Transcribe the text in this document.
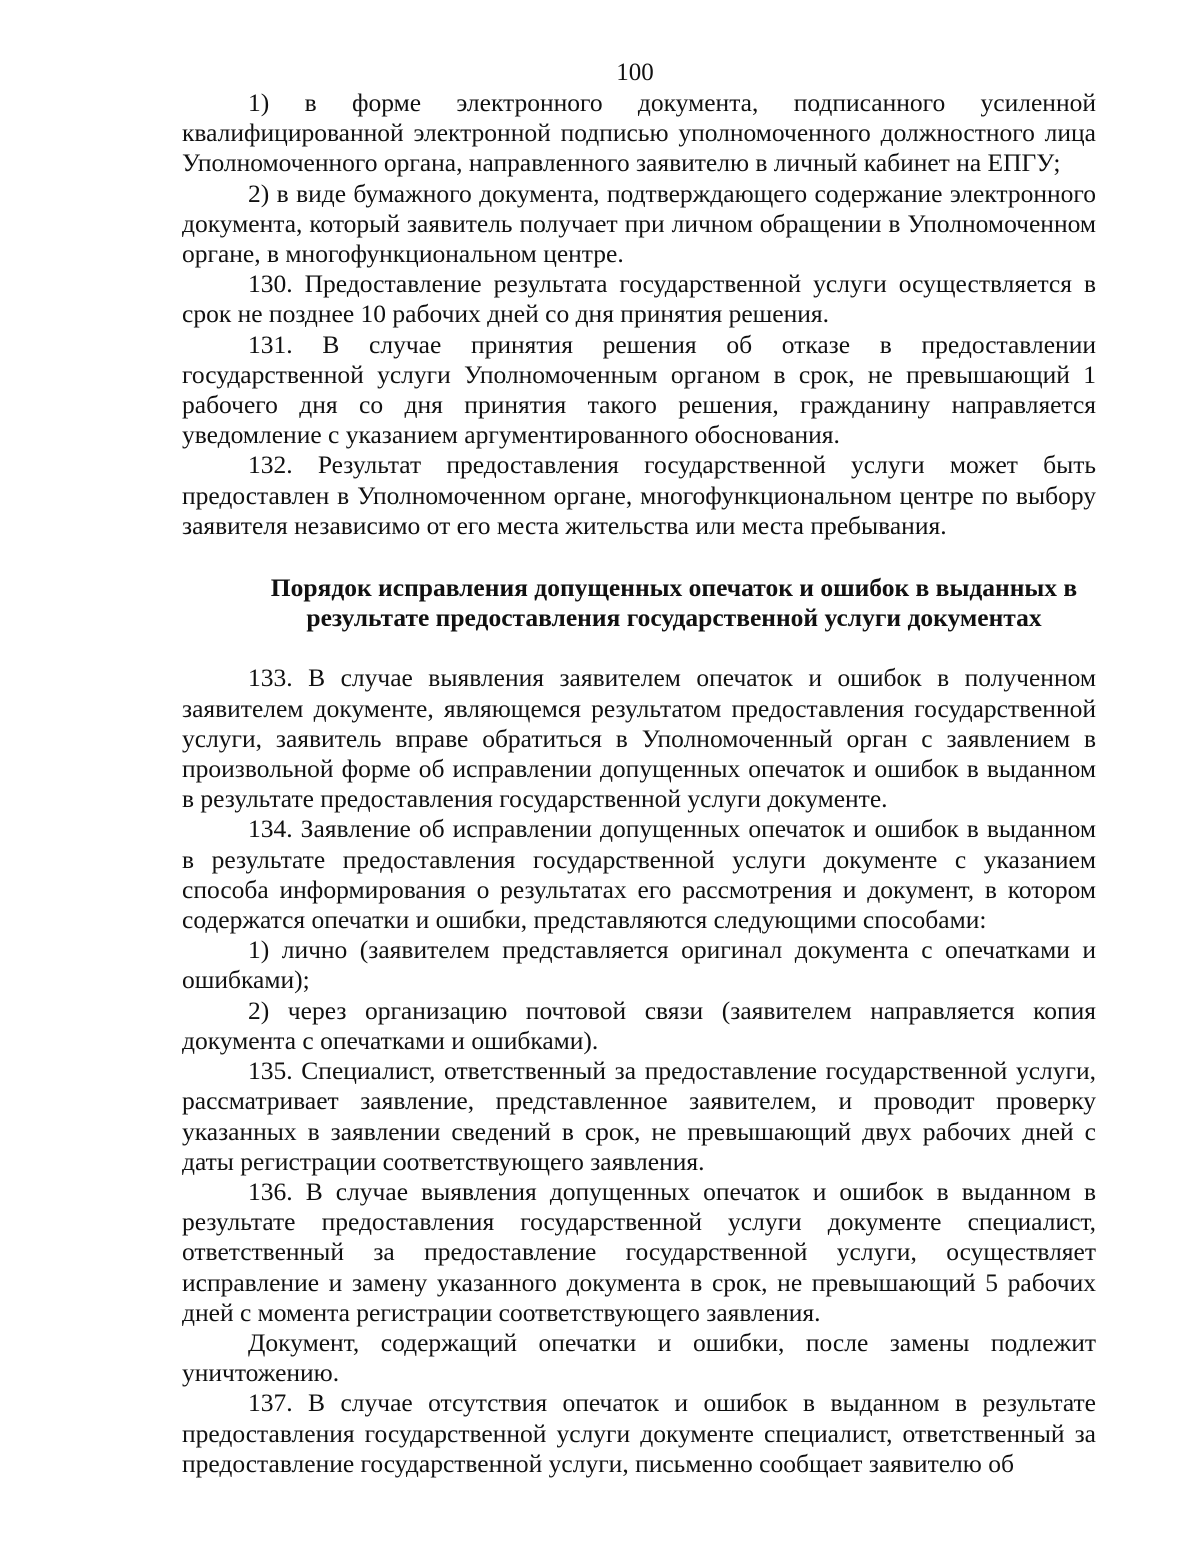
100

1) в форме электронного документа, подписанного усиленной квалифицированной электронной подписью уполномоченного должностного лица Уполномоченного органа, направленного заявителю в личный кабинет на ЕПГУ;

2) в виде бумажного документа, подтверждающего содержание электронного документа, который заявитель получает при личном обращении в Уполномоченном органе, в многофункциональном центре.

130. Предоставление результата государственной услуги осуществляется в срок не позднее 10 рабочих дней со дня принятия решения.

131. В случае принятия решения об отказе в предоставлении государственной услуги Уполномоченным органом в срок, не превышающий 1 рабочего дня со дня принятия такого решения, гражданину направляется уведомление с указанием аргументированного обоснования.

132. Результат предоставления государственной услуги может быть предоставлен в Уполномоченном органе, многофункциональном центре по выбору заявителя независимо от его места жительства или места пребывания.

Порядок исправления допущенных опечаток и ошибок в выданных в
результате предоставления государственной услуги документах

133. В случае выявления заявителем опечаток и ошибок в полученном заявителем документе, являющемся результатом предоставления государственной услуги, заявитель вправе обратиться в Уполномоченный орган с заявлением в произвольной форме об исправлении допущенных опечаток и ошибок в выданном в результате предоставления государственной услуги документе.

134. Заявление об исправлении допущенных опечаток и ошибок в выданном в результате предоставления государственной услуги документе с указанием способа информирования о результатах его рассмотрения и документ, в котором содержатся опечатки и ошибки, представляются следующими способами:

1) лично (заявителем представляется оригинал документа с опечатками и ошибками);

2) через организацию почтовой связи (заявителем направляется копия документа с опечатками и ошибками).

135. Специалист, ответственный за предоставление государственной услуги, рассматривает заявление, представленное заявителем, и проводит проверку указанных в заявлении сведений в срок, не превышающий двух рабочих дней с даты регистрации соответствующего заявления.

136. В случае выявления допущенных опечаток и ошибок в выданном в результате предоставления государственной услуги документе специалист, ответственный за предоставление государственной услуги, осуществляет исправление и замену указанного документа в срок, не превышающий 5 рабочих дней с момента регистрации соответствующего заявления.

Документ, содержащий опечатки и ошибки, после замены подлежит уничтожению.

137. В случае отсутствия опечаток и ошибок в выданном в результате предоставления государственной услуги документе специалист, ответственный за предоставление государственной услуги, письменно сообщает заявителю об
